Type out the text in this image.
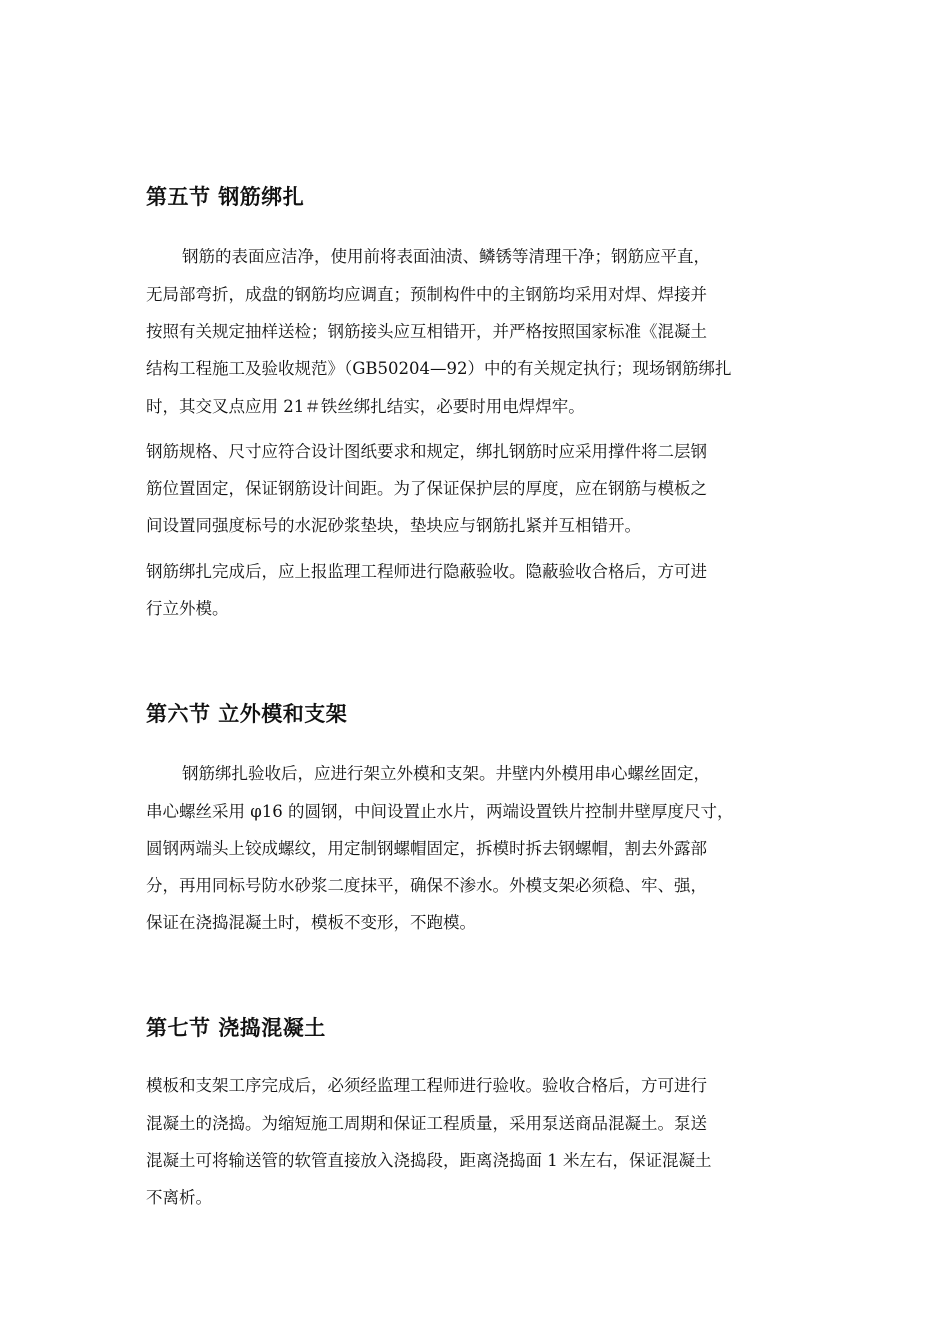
第五节 钢筋绑扎

钢筋的表面应洁净，使用前将表面油渍、鳞锈等清理干净；钢筋应平直，

无局部弯折，成盘的钢筋均应调直；预制构件中的主钢筋均采用对焊、焊接并

按照有关规定抽样送检；钢筋接头应互相错开，并严格按照国家标准《混凝土

结构工程施工及验收规范》（GB50204—92）中的有关规定执行；现场钢筋绑扎

时，其交叉点应用 21＃铁丝绑扎结实，必要时用电焊焊牢。

钢筋规格、尺寸应符合设计图纸要求和规定，绑扎钢筋时应采用撑件将二层钢

筋位置固定，保证钢筋设计间距。为了保证保护层的厚度，应在钢筋与模板之

间设置同强度标号的水泥砂浆垫块，垫块应与钢筋扎紧并互相错开。

钢筋绑扎完成后，应上报监理工程师进行隐蔽验收。隐蔽验收合格后，方可进

行立外模。

第六节 立外模和支架

钢筋绑扎验收后，应进行架立外模和支架。井壁内外模用串心螺丝固定，

串心螺丝采用 φ16 的圆钢，中间设置止水片，两端设置铁片控制井壁厚度尺寸，

圆钢两端头上铰成螺纹，用定制钢螺帽固定，拆模时拆去钢螺帽，割去外露部

分，再用同标号防水砂浆二度抹平，确保不渗水。外模支架必须稳、牢、强，

保证在浇捣混凝土时，模板不变形，不跑模。

第七节 浇捣混凝土

模板和支架工序完成后，必须经监理工程师进行验收。验收合格后，方可进行

混凝土的浇捣。为缩短施工周期和保证工程质量，采用泵送商品混凝土。泵送

混凝土可将输送管的软管直接放入浇捣段，距离浇捣面 1 米左右，保证混凝土

不离析。
